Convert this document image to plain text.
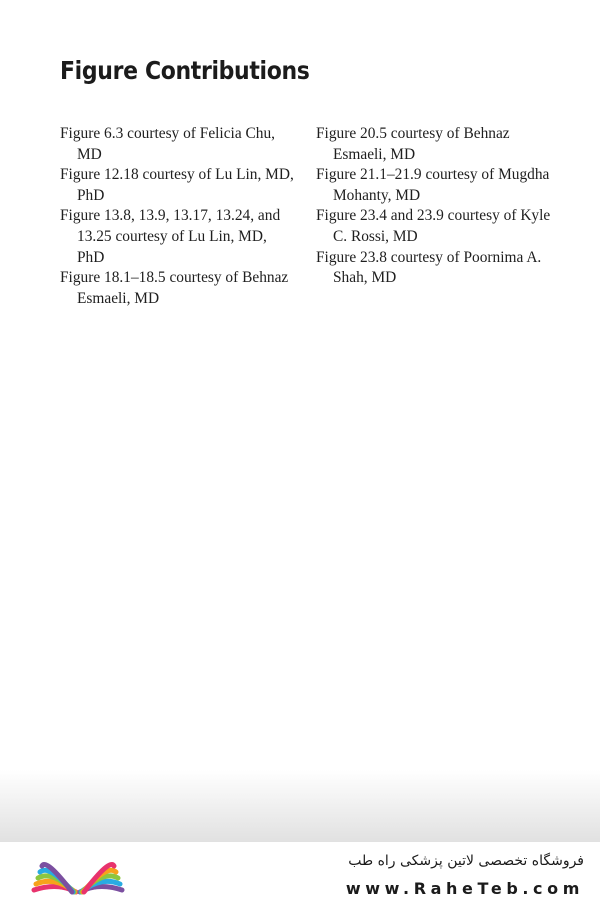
Figure Contributions

Figure 6.3 courtesy of Felicia Chu, MD

Figure 12.18 courtesy of Lu Lin, MD, PhD

Figure 13.8, 13.9, 13.17, 13.24, and 13.25 courtesy of Lu Lin, MD, PhD

Figure 18.1–18.5 courtesy of Behnaz Esmaeli, MD

Figure 20.5 courtesy of Behnaz Esmaeli, MD

Figure 21.1–21.9 courtesy of Mugdha Mohanty, MD

Figure 23.4 and 23.9 courtesy of Kyle C. Rossi, MD

Figure 23.8 courtesy of Poornima A. Shah, MD

فروشگاه تخصصی لاتین پزشکی راه طب

www.RaheTeb.com
